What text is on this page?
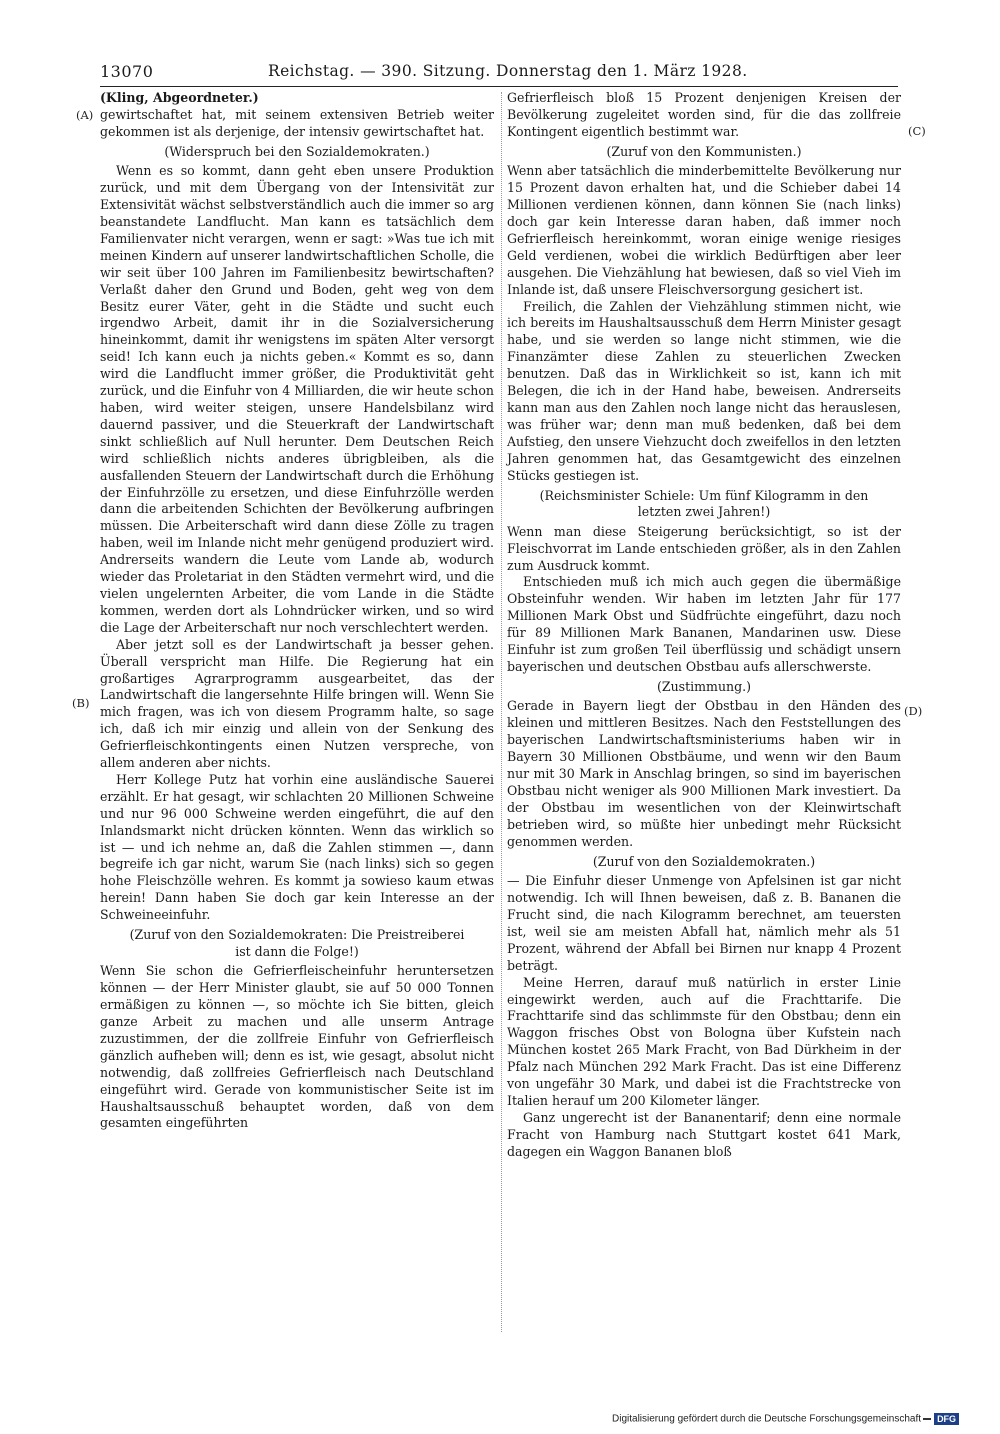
13070	Reichstag. — 390. Sitzung. Donnerstag den 1. März 1928.
(A)
(B)
(C)
(D)

(Kling, Abgeordneter.)

gewirtschaftet hat, mit seinem extensiven Betrieb weiter gekommen ist als derjenige, der intensiv gewirtschaftet hat.

(Widerspruch bei den Sozialdemokraten.)

Wenn es so kommt, dann geht eben unsere Produktion zurück, und mit dem Übergang von der Intensivität zur Extensivität wächst selbstverständlich auch die immer so arg beanstandete Landflucht. Man kann es tatsächlich dem Familienvater nicht verargen, wenn er sagt: »Was tue ich mit meinen Kindern auf unserer landwirtschaftlichen Scholle, die wir seit über 100 Jahren im Familienbesitz bewirtschaften? Verlaßt daher den Grund und Boden, geht weg von dem Besitz eurer Väter, geht in die Städte und sucht euch irgendwo Arbeit, damit ihr in die Sozialversicherung hineinkommt, damit ihr wenigstens im späten Alter versorgt seid! Ich kann euch ja nichts geben.« Kommt es so, dann wird die Landflucht immer größer, die Produktivität geht zurück, und die Einfuhr von 4 Milliarden, die wir heute schon haben, wird weiter steigen, unsere Handelsbilanz wird dauernd passiver, und die Steuerkraft der Landwirtschaft sinkt schließlich auf Null herunter. Dem Deutschen Reich wird schließlich nichts anderes übrigbleiben, als die ausfallenden Steuern der Landwirtschaft durch die Erhöhung der Einfuhrzölle zu ersetzen, und diese Einfuhrzölle werden dann die arbeitenden Schichten der Bevölkerung aufbringen müssen. Die Arbeiterschaft wird dann diese Zölle zu tragen haben, weil im Inlande nicht mehr genügend produziert wird. Andrerseits wandern die Leute vom Lande ab, wodurch wieder das Proletariat in den Städten vermehrt wird, und die vielen ungelernten Arbeiter, die vom Lande in die Städte kommen, werden dort als Lohndrücker wirken, und so wird die Lage der Arbeiterschaft nur noch verschlechtert werden.

Aber jetzt soll es der Landwirtschaft ja besser gehen. Überall verspricht man Hilfe. Die Regierung hat ein großartiges Agrarprogramm ausgearbeitet, das der Landwirtschaft die langersehnte Hilfe bringen will. Wenn Sie mich fragen, was ich von diesem Programm halte, so sage ich, daß ich mir einzig und allein von der Senkung des Gefrierfleischkontingents einen Nutzen verspreche, von allem anderen aber nichts.

Herr Kollege Putz hat vorhin eine ausländische Sauerei erzählt. Er hat gesagt, wir schlachten 20 Millionen Schweine und nur 96 000 Schweine werden eingeführt, die auf den Inlandsmarkt nicht drücken könnten. Wenn das wirklich so ist — und ich nehme an, daß die Zahlen stimmen —, dann begreife ich gar nicht, warum Sie (nach links) sich so gegen hohe Fleischzölle wehren. Es kommt ja sowieso kaum etwas herein! Dann haben Sie doch gar kein Interesse an der Schweineeinfuhr.

(Zuruf von den Sozialdemokraten: Die Preistreiberei ist dann die Folge!)

Wenn Sie schon die Gefrierfleischeinfuhr heruntersetzen können — der Herr Minister glaubt, sie auf 50 000 Tonnen ermäßigen zu können —, so möchte ich Sie bitten, gleich ganze Arbeit zu machen und alle unserm Antrage zuzustimmen, der die zollfreie Einfuhr von Gefrierfleisch gänzlich aufheben will; denn es ist, wie gesagt, absolut nicht notwendig, daß zollfreies Gefrierfleisch nach Deutschland eingeführt wird. Gerade von kommunistischer Seite ist im Haushaltsausschuß behauptet worden, daß von dem gesamten eingeführten

Gefrierfleisch bloß 15 Prozent denjenigen Kreisen der Bevölkerung zugeleitet worden sind, für die das zollfreie Kontingent eigentlich bestimmt war.

(Zuruf von den Kommunisten.)

Wenn aber tatsächlich die minderbemittelte Bevölkerung nur 15 Prozent davon erhalten hat, und die Schieber dabei 14 Millionen verdienen können, dann können Sie (nach links) doch gar kein Interesse daran haben, daß immer noch Gefrierfleisch hereinkommt, woran einige wenige riesiges Geld verdienen, wobei die wirklich Bedürftigen aber leer ausgehen. Die Viehzählung hat bewiesen, daß so viel Vieh im Inlande ist, daß unsere Fleischversorgung gesichert ist.

Freilich, die Zahlen der Viehzählung stimmen nicht, wie ich bereits im Haushaltsausschuß dem Herrn Minister gesagt habe, und sie werden so lange nicht stimmen, wie die Finanzämter diese Zahlen zu steuerlichen Zwecken benutzen. Daß das in Wirklichkeit so ist, kann ich mit Belegen, die ich in der Hand habe, beweisen. Andrerseits kann man aus den Zahlen noch lange nicht das herauslesen, was früher war; denn man muß bedenken, daß bei dem Aufstieg, den unsere Viehzucht doch zweifellos in den letzten Jahren genommen hat, das Gesamtgewicht des einzelnen Stücks gestiegen ist.

(Reichsminister Schiele: Um fünf Kilogramm in den letzten zwei Jahren!)

Wenn man diese Steigerung berücksichtigt, so ist der Fleischvorrat im Lande entschieden größer, als in den Zahlen zum Ausdruck kommt.

Entschieden muß ich mich auch gegen die übermäßige Obsteinfuhr wenden. Wir haben im letzten Jahr für 177 Millionen Mark Obst und Südfrüchte eingeführt, dazu noch für 89 Millionen Mark Bananen, Mandarinen usw. Diese Einfuhr ist zum großen Teil überflüssig und schädigt unsern bayerischen und deutschen Obstbau aufs allerschwerste.

(Zustimmung.)

Gerade in Bayern liegt der Obstbau in den Händen des kleinen und mittleren Besitzes. Nach den Feststellungen des bayerischen Landwirtschaftsministeriums haben wir in Bayern 30 Millionen Obstbäume, und wenn wir den Baum nur mit 30 Mark in Anschlag bringen, so sind im bayerischen Obstbau nicht weniger als 900 Millionen Mark investiert. Da der Obstbau im wesentlichen von der Kleinwirtschaft betrieben wird, so müßte hier unbedingt mehr Rücksicht genommen werden.

(Zuruf von den Sozialdemokraten.)

— Die Einfuhr dieser Unmenge von Apfelsinen ist gar nicht notwendig. Ich will Ihnen beweisen, daß z. B. Bananen die Frucht sind, die nach Kilogramm berechnet, am teuersten ist, weil sie am meisten Abfall hat, nämlich mehr als 51 Prozent, während der Abfall bei Birnen nur knapp 4 Prozent beträgt.

Meine Herren, darauf muß natürlich in erster Linie eingewirkt werden, auch auf die Frachttarife. Die Frachttarife sind das schlimmste für den Obstbau; denn ein Waggon frisches Obst von Bologna über Kufstein nach München kostet 265 Mark Fracht, von Bad Dürkheim in der Pfalz nach München 292 Mark Fracht. Das ist eine Differenz von ungefähr 30 Mark, und dabei ist die Frachtstrecke von Italien herauf um 200 Kilometer länger.

Ganz ungerecht ist der Bananentarif; denn eine normale Fracht von Hamburg nach Stuttgart kostet 641 Mark, dagegen ein Waggon Bananen bloß

Digitalisierung gefördert durch die Deutsche Forschungsgemeinschaft DFG
